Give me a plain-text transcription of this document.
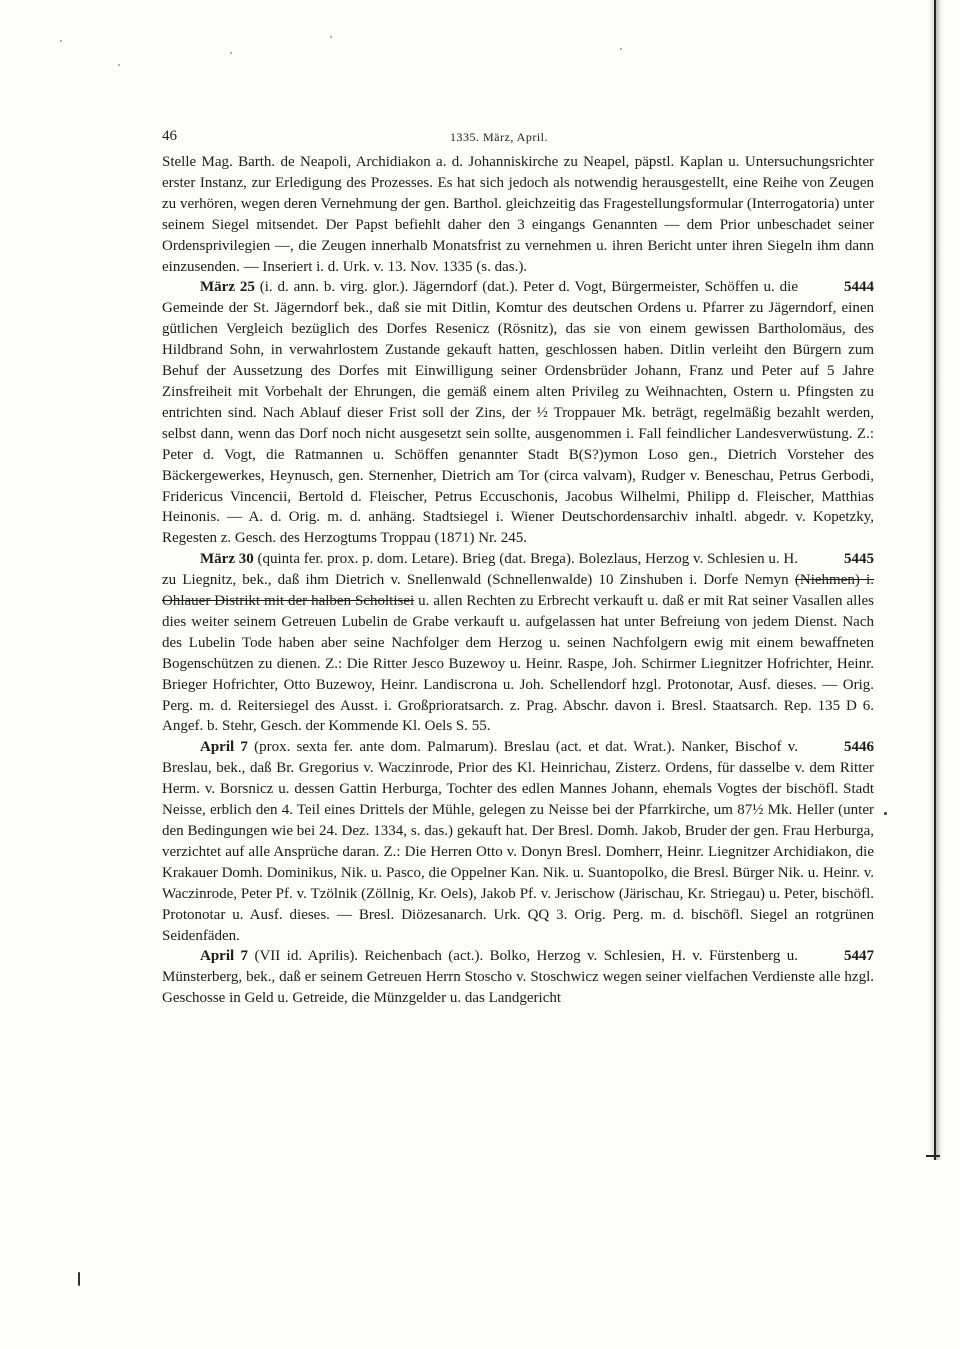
46	1335. März, April.

Stelle Mag. Barth. de Neapoli, Archidiakon a. d. Johanniskirche zu Neapel, päpstl. Kaplan u. Untersuchungsrichter erster Instanz, zur Erledigung des Prozesses. Es hat sich jedoch als notwendig herausgestellt, eine Reihe von Zeugen zu verhören, wegen deren Vernehmung der gen. Barthol. gleichzeitig das Fragestellungsformular (Interrogatoria) unter seinem Siegel mitsendet. Der Papst befiehlt daher den 3 eingangs Genannten — dem Prior unbeschadet seiner Ordensprivilegien —, die Zeugen innerhalb Monatsfrist zu vernehmen u. ihren Bericht unter ihren Siegeln ihm dann einzusenden. — Inseriert i. d. Urk. v. 13. Nov. 1335 (s. das.).

5444
März 25 (i. d. ann. b. virg. glor.). Jägerndorf (dat.). Peter d. Vogt, Bürgermeister, Schöffen u. die Gemeinde der St. Jägerndorf bek., daß sie mit Ditlin, Komtur des deutschen Ordens u. Pfarrer zu Jägerndorf, einen gütlichen Vergleich bezüglich des Dorfes Resenicz (Rösnitz), das sie von einem gewissen Bartholomäus, des Hildbrand Sohn, in verwahrlostem Zustande gekauft hatten, geschlossen haben. Ditlin verleiht den Bürgern zum Behuf der Aussetzung des Dorfes mit Einwilligung seiner Ordensbrüder Johann, Franz und Peter auf 5 Jahre Zinsfreiheit mit Vorbehalt der Ehrungen, die gemäß einem alten Privileg zu Weihnachten, Ostern u. Pfingsten zu entrichten sind. Nach Ablauf dieser Frist soll der Zins, der ½ Troppauer Mk. beträgt, regelmäßig bezahlt werden, selbst dann, wenn das Dorf noch nicht ausgesetzt sein sollte, ausgenommen i. Fall feindlicher Landesverwüstung. Z.: Peter d. Vogt, die Ratmannen u. Schöffen genannter Stadt B(S?)ymon Loso gen., Dietrich Vorsteher des Bäckergewerkes, Heynusch, gen. Sternenher, Dietrich am Tor (circa valvam), Rudger v. Beneschau, Petrus Gerbodi, Fridericus Vincencii, Bertold d. Fleischer, Petrus Eccuschonis, Jacobus Wilhelmi, Philipp d. Fleischer, Matthias Heinonis. — A. d. Orig. m. d. anhäng. Stadtsiegel i. Wiener Deutschordensarchiv inhaltl. abgedr. v. Kopetzky, Regesten z. Gesch. des Herzogtums Troppau (1871) Nr. 245.

5445
März 30 (quinta fer. prox. p. dom. Letare). Brieg (dat. Brega). Bolezlaus, Herzog v. Schlesien u. H. zu Liegnitz, bek., daß ihm Dietrich v. Snellenwald (Schnellenwalde) 10 Zinshuben i. Dorfe Nemyn (Niehmen) i. Ohlauer Distrikt mit der halben Scholtisei u. allen Rechten zu Erbrecht verkauft u. daß er mit Rat seiner Vasallen alles dies weiter seinem Getreuen Lubelin de Grabe verkauft u. aufgelassen hat unter Befreiung von jedem Dienst. Nach des Lubelin Tode haben aber seine Nachfolger dem Herzog u. seinen Nachfolgern ewig mit einem bewaffneten Bogenschützen zu dienen. Z.: Die Ritter Jesco Buzewoy u. Heinr. Raspe, Joh. Schirmer Liegnitzer Hofrichter, Heinr. Brieger Hofrichter, Otto Buzewoy, Heinr. Landiscrona u. Joh. Schellendorf hzgl. Protonotar, Ausf. dieses. — Orig. Perg. m. d. Reitersiegel des Ausst. i. Großprioratsarch. z. Prag. Abschr. davon i. Bresl. Staatsarch. Rep. 135 D 6. Angef. b. Stehr, Gesch. der Kommende Kl. Oels S. 55.

5446
April 7 (prox. sexta fer. ante dom. Palmarum). Breslau (act. et dat. Wrat.). Nanker, Bischof v. Breslau, bek., daß Br. Gregorius v. Waczinrode, Prior des Kl. Heinrichau, Zisterz. Ordens, für dasselbe v. dem Ritter Herm. v. Borsnicz u. dessen Gattin Herburga, Tochter des edlen Mannes Johann, ehemals Vogtes der bischöfl. Stadt Neisse, erblich den 4. Teil eines Drittels der Mühle, gelegen zu Neisse bei der Pfarrkirche, um 87½ Mk. Heller (unter den Bedingungen wie bei 24. Dez. 1334, s. das.) gekauft hat. Der Bresl. Domh. Jakob, Bruder der gen. Frau Herburga, verzichtet auf alle Ansprüche daran. Z.: Die Herren Otto v. Donyn Bresl. Domherr, Heinr. Liegnitzer Archidiakon, die Krakauer Domh. Dominikus, Nik. u. Pasco, die Oppelner Kan. Nik. u. Suantopolko, die Bresl. Bürger Nik. u. Heinr. v. Waczinrode, Peter Pf. v. Tzölnik (Zöllnig, Kr. Oels), Jakob Pf. v. Jerischow (Järischau, Kr. Striegau) u. Peter, bischöfl. Protonotar u. Ausf. dieses. — Bresl. Diözesanarch. Urk. QQ 3. Orig. Perg. m. d. bischöfl. Siegel an rotgrünen Seidenfäden.

5447
April 7 (VII id. Aprilis). Reichenbach (act.). Bolko, Herzog v. Schlesien, H. v. Fürstenberg u. Münsterberg, bek., daß er seinem Getreuen Herrn Stoscho v. Stoschwicz wegen seiner vielfachen Verdienste alle hzgl. Geschosse in Geld u. Getreide, die Münzgelder u. das Landgericht
